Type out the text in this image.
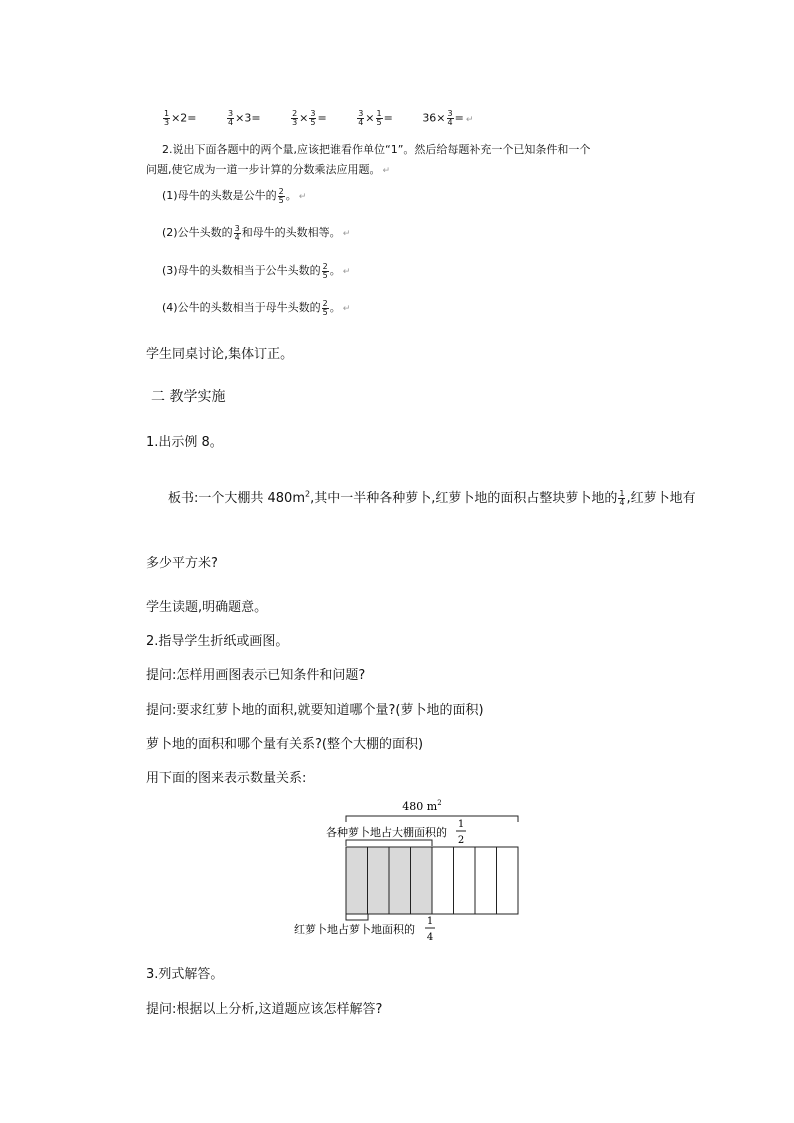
$\frac{1}{3} \times 2=$	$\frac{3}{4} \times 3=$	$\frac{2}{3} \times \frac{3}{5}$ =	$\frac{3}{4} \times \frac{1}{5}$ =	$36\times \frac{3}{4}$ = ↵
2.说出下面各题中的两个量,应该把谁看作单位“1”。然后给每题补充一个已知条件和一个
问题,使它成为一道一步计算的分数乘法应用题。 ↵
(1)母牛的头数是公牛的 $\frac{2}{5}$ 。 ↵
(2)公牛头数的 $\frac{3}{4}$ 和母牛的头数相等。 ↵
(3)母牛的头数相当于公牛头数的 $\frac{2}{5}$ 。 ↵
(4)公牛的头数相当于母牛头数的 $\frac{2}{5}$ 。 ↵
学生同桌讨论,集体订正。
二 教学实施
1.出示例 8。
板书:一个大棚共 $480m^2$,其中一半种各种萝卜,红萝卜地的面积占整块萝卜地的 $\frac{1}{4}$ ,红萝卜地有
多少平方米?
学生读题,明确题意。
2.指导学生折纸或画图。
提问:怎样用画图表示已知条件和问题?
提问:要求红萝卜地的面积,就要知道哪个量?(萝卜地的面积)
萝卜地的面积和哪个量有关系?(整个大棚的面积)
用下面的图来表示数量关系:
480 $m^2$
各种萝卜地占大棚面积的
1
2
红萝卜地占萝卜地面积的
1
4
3.列式解答。
提问:根据以上分析,这道题应该怎样解答?
